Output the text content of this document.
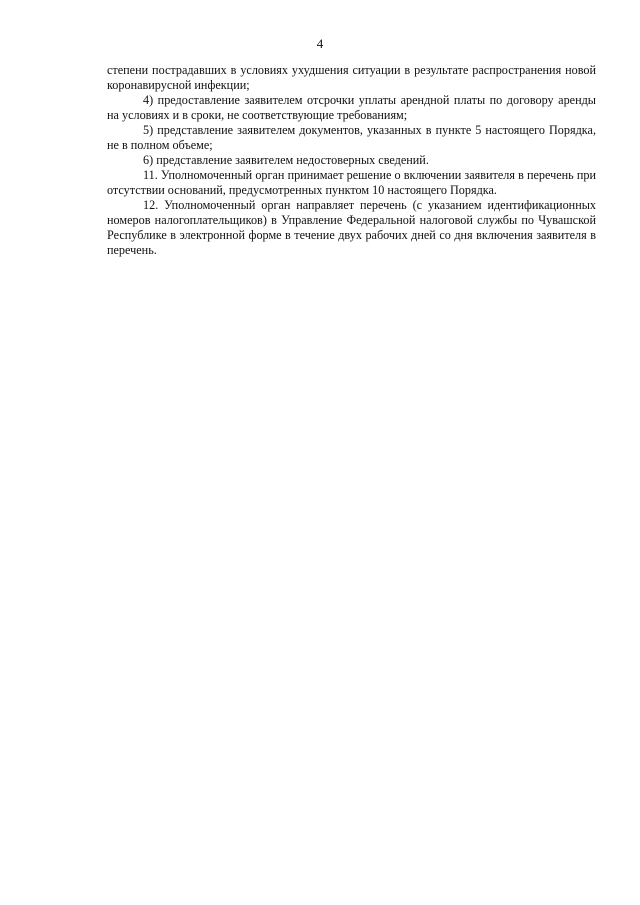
4

степени пострадавших в условиях ухудшения ситуации в результате распространения новой коронавирусной инфекции;

4) предоставление заявителем отсрочки уплаты арендной платы по договору аренды на условиях и в сроки, не соответствующие требованиям;

5) представление заявителем документов, указанных в пункте 5 настоящего Порядка, не в полном объеме;

6) представление заявителем недостоверных сведений.

11. Уполномоченный орган принимает решение о включении заявителя в перечень при отсутствии оснований, предусмотренных пунктом 10 настоящего Порядка.

12. Уполномоченный орган направляет перечень (с указанием идентификационных номеров налогоплательщиков) в Управление Федеральной налоговой службы по Чувашской Республике в электронной форме в течение двух рабочих дней со дня включения заявителя в перечень.
